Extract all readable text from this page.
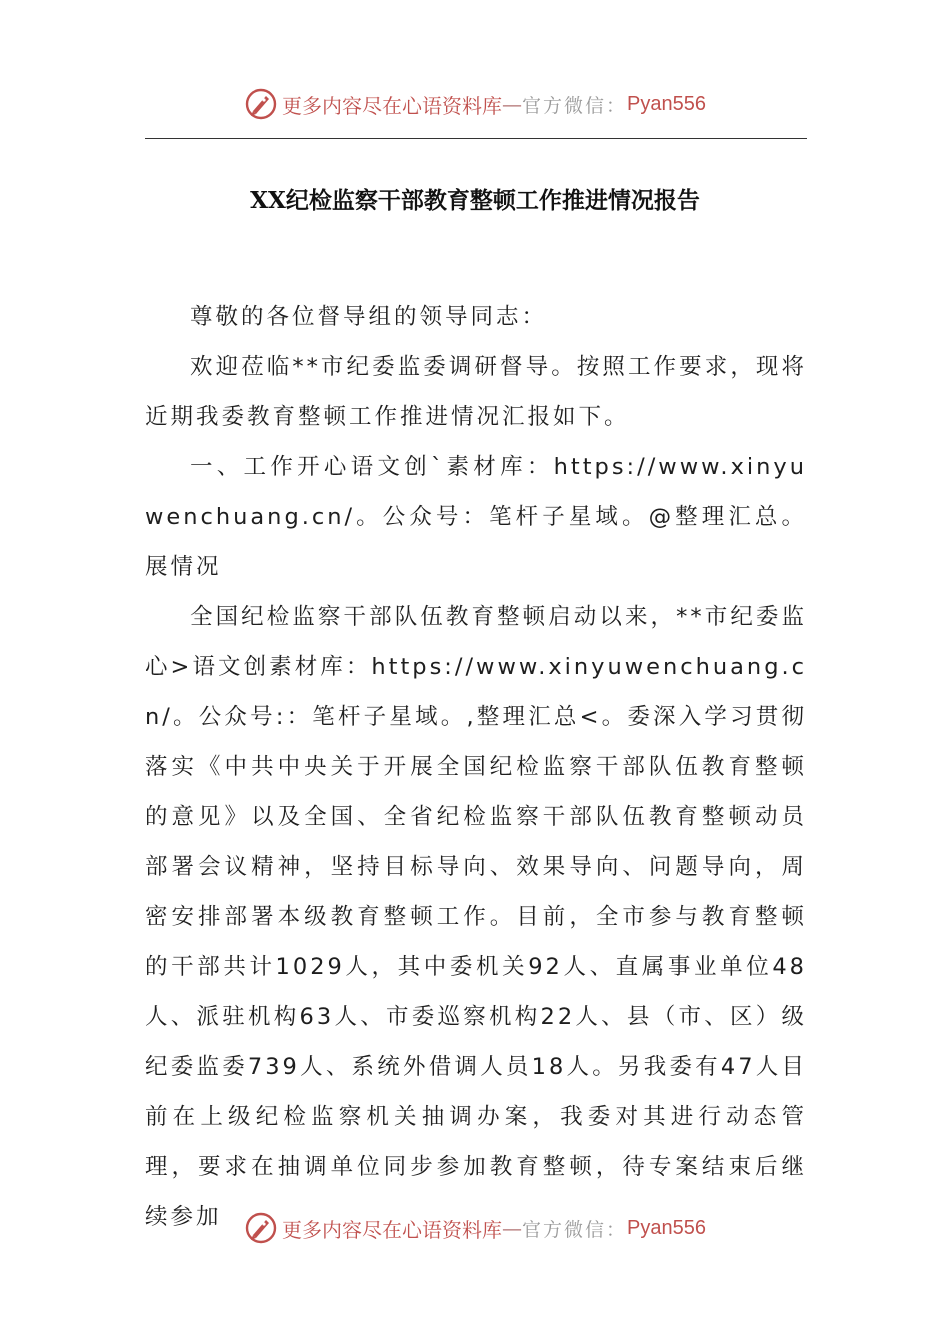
更多内容尽在心语资料库 — 官方微信： Pyan556
XX纪检监察干部教育整顿工作推进情况报告

尊敬的各位督导组的领导同志：

欢迎莅临**市纪委监委调研督导。按照工作要求，现将近期我委教育整顿工作推进情况汇报如下。

一、工作开心语文创`素材库：https://www.xinyuwenchuang.cn/。公众号：笔杆子星域。@整理汇总。展情况

全国纪检监察干部队伍教育整顿启动以来，**市纪委监心>语文创素材库：https://www.xinyuwenchuang.cn/。公众号:：笔杆子星域。,整理汇总<。委深入学习贯彻落实《中共中央关于开展全国纪检监察干部队伍教育整顿的意见》以及全国、全省纪检监察干部队伍教育整顿动员部署会议精神，坚持目标导向、效果导向、问题导向，周密安排部署本级教育整顿工作。目前，全市参与教育整顿的干部共计1029人，其中委机关92人、直属事业单位48人、派驻机构63人、市委巡察机构22人、县（市、区）级纪委监委739人、系统外借调人员18人。另我委有47人目前在上级纪检监察机关抽调办案，我委对其进行动态管理，要求在抽调单位同步参加教育整顿，待专案结束后继续参加	更多内容尽在心语资料库 — 官方微信： Pyan556
